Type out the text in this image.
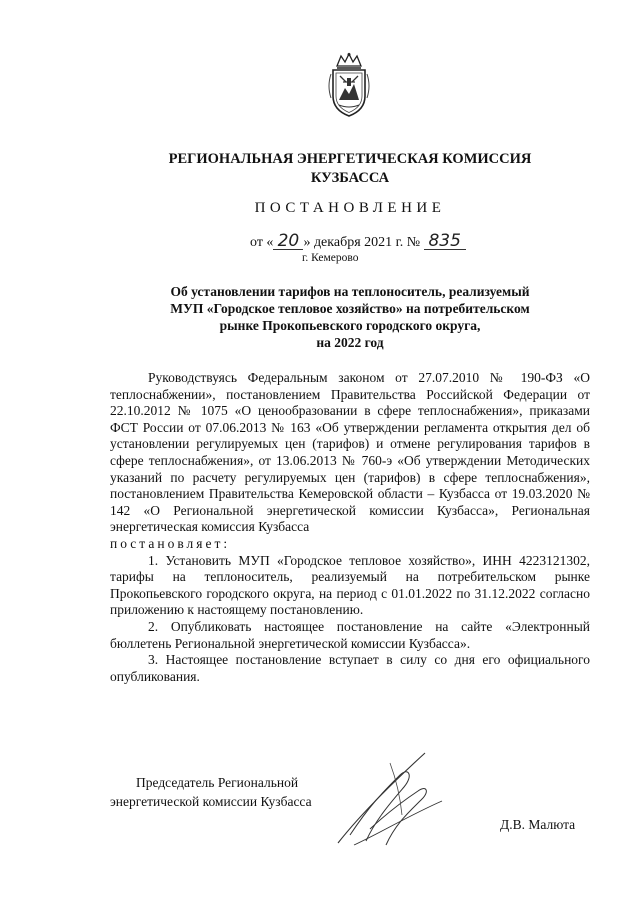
РЕГИОНАЛЬНАЯ ЭНЕРГЕТИЧЕСКАЯ КОМИССИЯ
КУЗБАССА
ПОСТАНОВЛЕНИЕ
от « 20 » декабря 2021 г. № 835
г. Кемерово
Об установлении тарифов на теплоноситель, реализуемый
МУП «Городское тепловое хозяйство» на потребительском
рынке Прокопьевского городского округа,
на 2022 год

Руководствуясь Федеральным законом от 27.07.2010 № 190-ФЗ «О теплоснабжении», постановлением Правительства Российской Федерации от 22.10.2012 № 1075 «О ценообразовании в сфере теплоснабжения», приказами ФСТ России от 07.06.2013 № 163 «Об утверждении регламента открытия дел об установлении регулируемых цен (тарифов) и отмене регулирования тарифов в сфере теплоснабжения», от 13.06.2013 № 760-э «Об утверждении Методических указаний по расчету регулируемых цен (тарифов) в сфере теплоснабжения», постановлением Правительства Кемеровской области – Кузбасса от 19.03.2020 № 142 «О Региональной энергетической комиссии Кузбасса», Региональная энергетическая комиссия Кузбасса

постановляет:

1. Установить МУП «Городское тепловое хозяйство», ИНН 4223121302, тарифы на теплоноситель, реализуемый на потребительском рынке Прокопьевского городского округа, на период с 01.01.2022 по 31.12.2022 согласно приложению к настоящему постановлению.

2. Опубликовать настоящее постановление на сайте «Электронный бюллетень Региональной энергетической комиссии Кузбасса».

3. Настоящее постановление вступает в силу со дня его официального опубликования.

Председатель Региональной
энергетической комиссии Кузбасса
Д.В. Малюта
